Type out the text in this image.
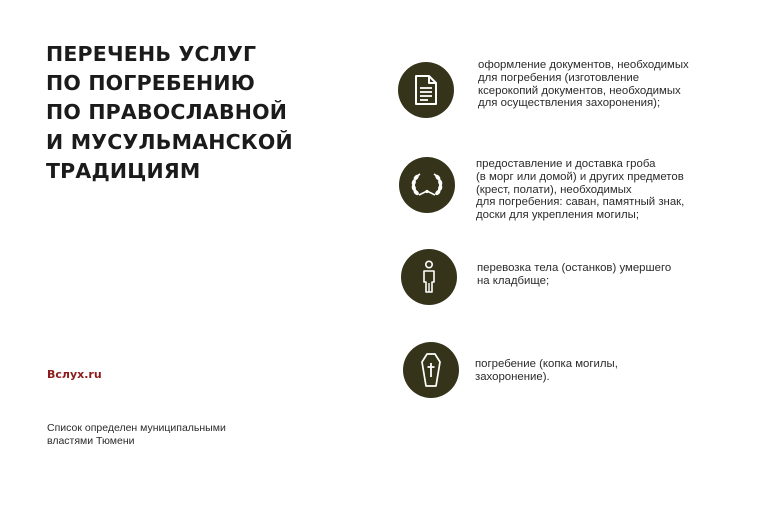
ПЕРЕЧЕНЬ УСЛУГ
ПО ПОГРЕБЕНИЮ
ПО ПРАВОСЛАВНОЙ
И МУСУЛЬМАНСКОЙ
ТРАДИЦИЯМ
Вслух.ru
Список определен муниципальными
властями Тюмени
оформление документов, необходимых
для погребения (изготовление
ксерокопий документов, необходимых
для осуществления захоронения);
предоставление и доставка гроба
(в морг или домой) и других предметов
(крест, полати), необходимых
для погребения: саван, памятный знак,
доски для укрепления могилы;
перевозка тела (останков) умершего
на кладбище;
погребение (копка могилы,
захоронение).
